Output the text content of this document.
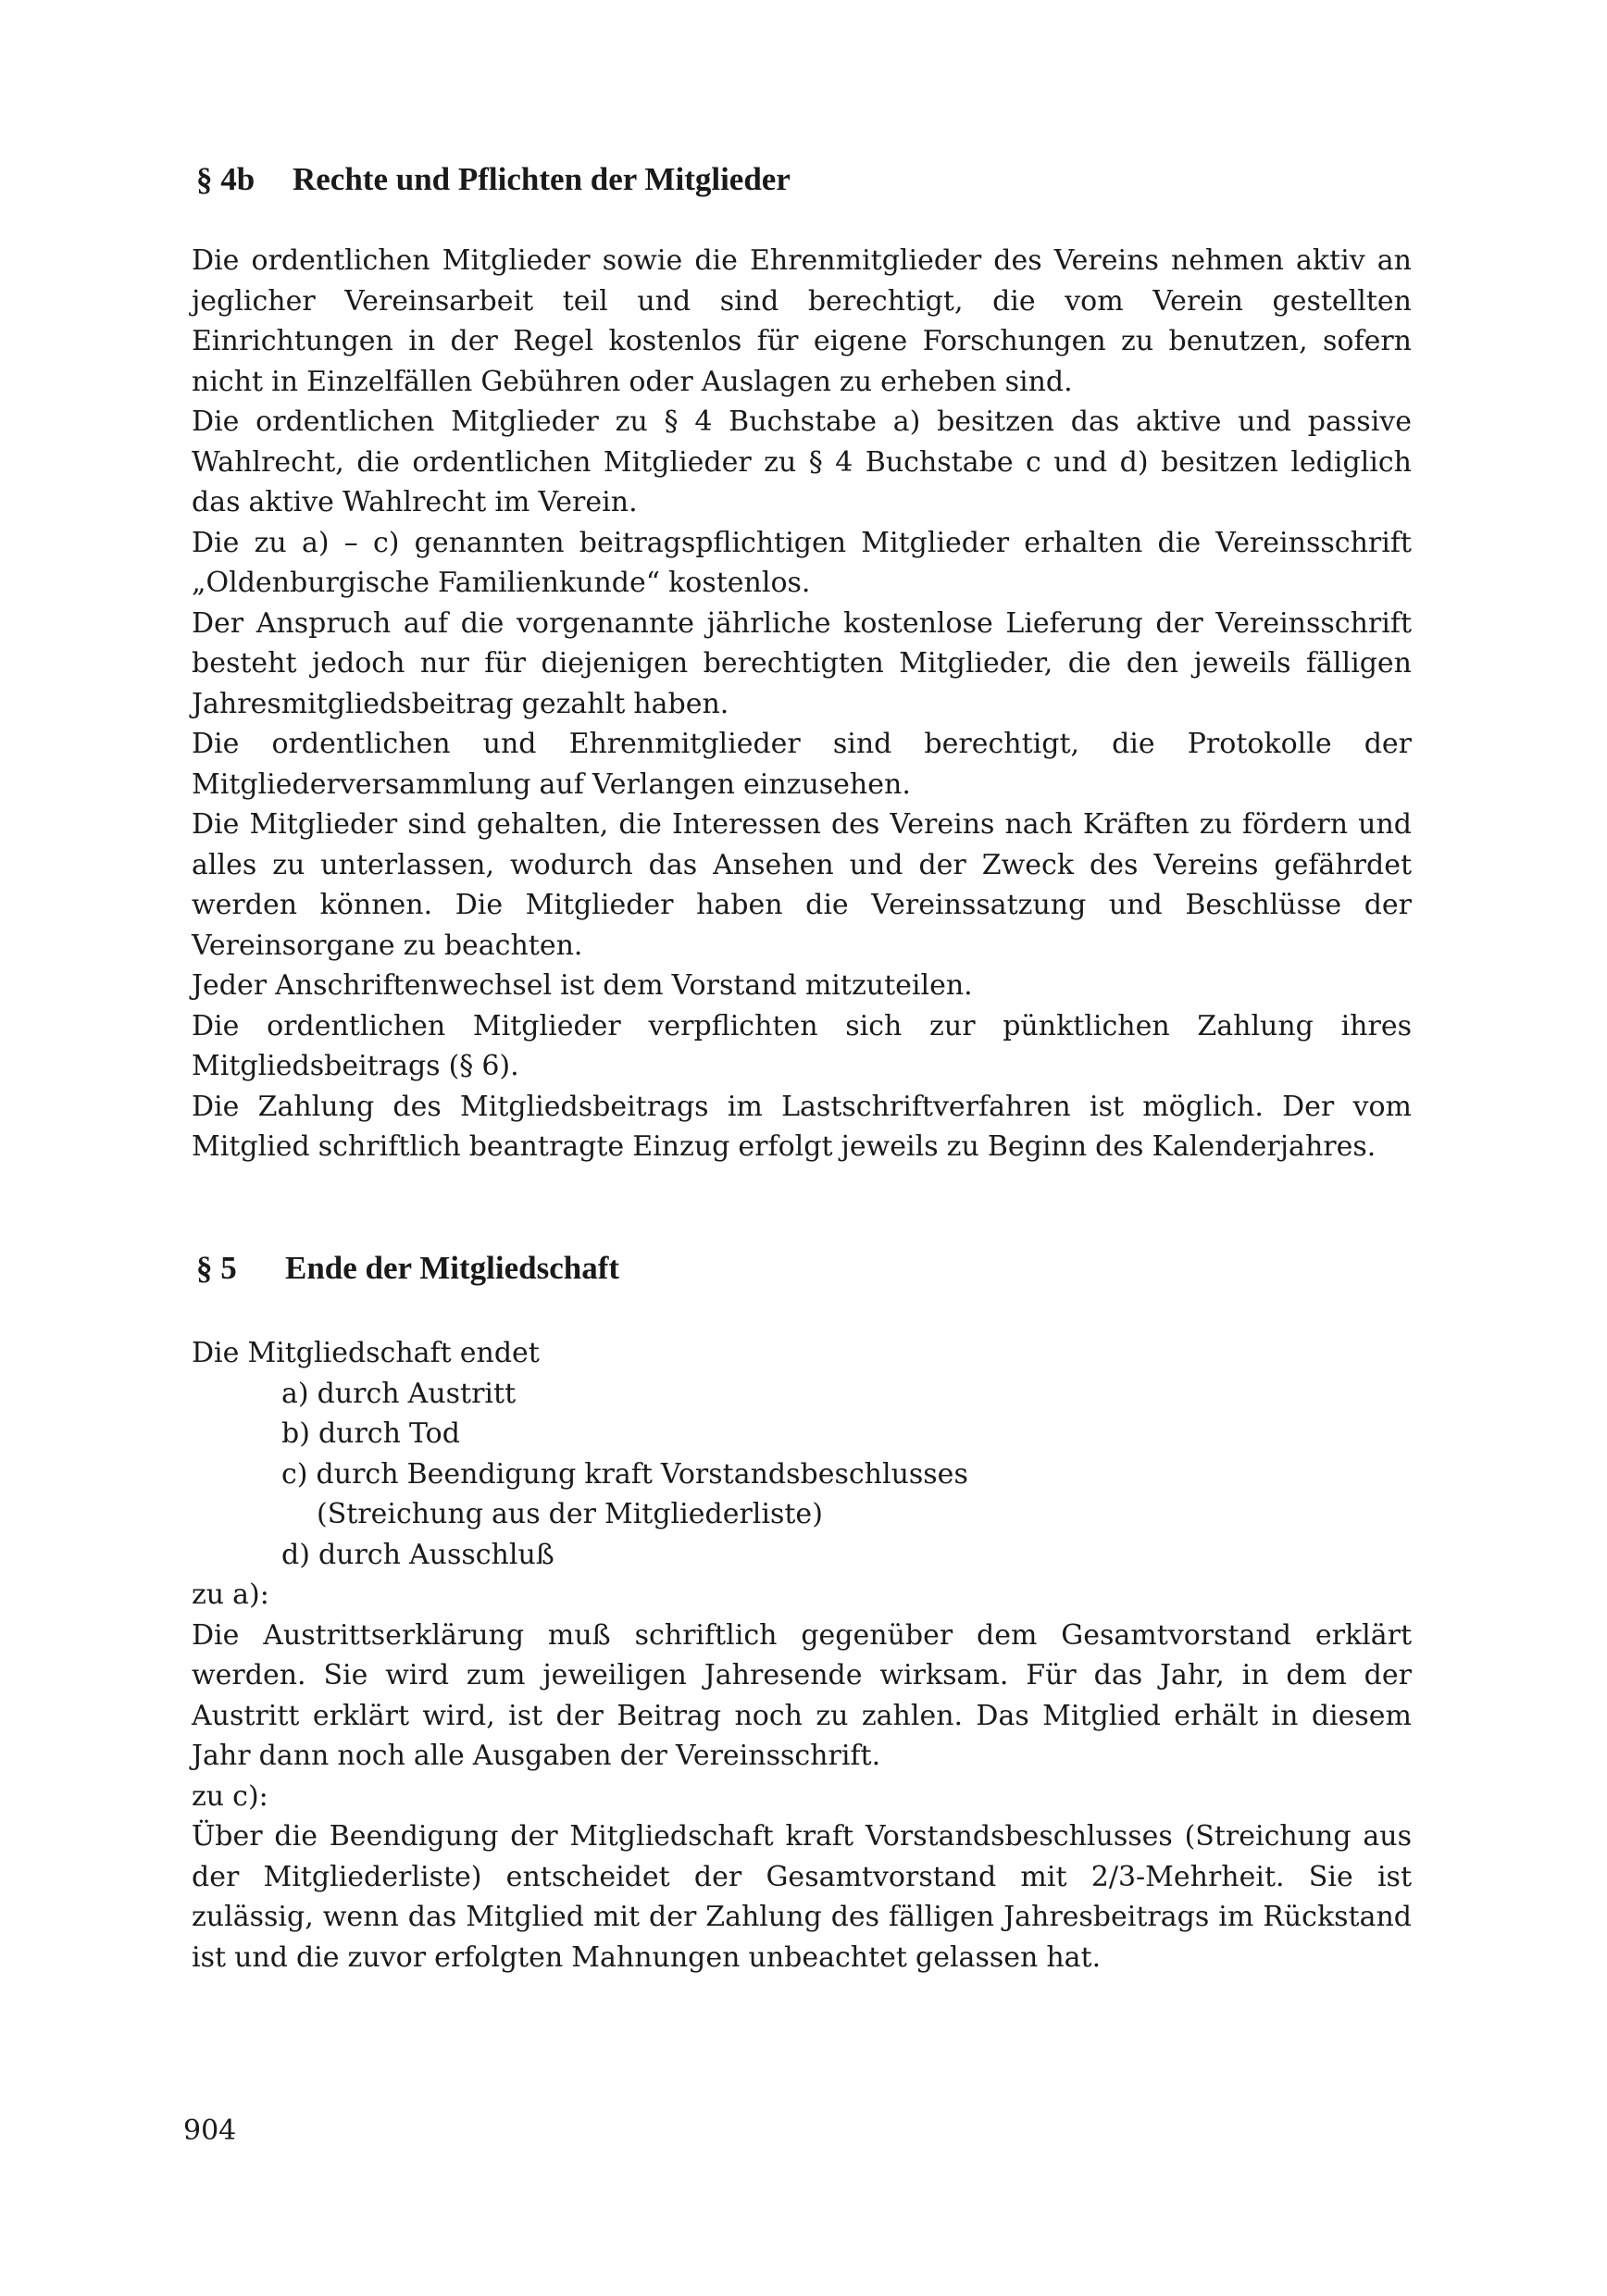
§ 4b Rechte und Pflichten der Mitglieder

Die ordentlichen Mitglieder sowie die Ehrenmitglieder des Vereins nehmen aktiv an jeglicher Vereinsarbeit teil und sind berechtigt, die vom Verein gestellten Einrichtungen in der Regel kostenlos für eigene Forschungen zu benutzen, sofern nicht in Einzelfällen Gebühren oder Auslagen zu erheben sind.

Die ordentlichen Mitglieder zu § 4 Buchstabe a) besitzen das aktive und passive Wahlrecht, die ordentlichen Mitglieder zu § 4 Buchstabe c und d) besitzen lediglich das aktive Wahlrecht im Verein.

Die zu a) – c) genannten beitragspflichtigen Mitglieder erhalten die Vereinsschrift „Oldenburgische Familienkunde“ kostenlos.

Der Anspruch auf die vorgenannte jährliche kostenlose Lieferung der Vereinsschrift besteht jedoch nur für diejenigen berechtigten Mitglieder, die den jeweils fälligen Jahresmitgliedsbeitrag gezahlt haben.

Die ordentlichen und Ehrenmitglieder sind berechtigt, die Protokolle der Mitgliederversammlung auf Verlangen einzusehen.

Die Mitglieder sind gehalten, die Interessen des Vereins nach Kräften zu fördern und alles zu unterlassen, wodurch das Ansehen und der Zweck des Vereins gefährdet werden können. Die Mitglieder haben die Vereinssatzung und Beschlüsse der Vereinsorgane zu beachten.

Jeder Anschriftenwechsel ist dem Vorstand mitzuteilen.

Die ordentlichen Mitglieder verpflichten sich zur pünktlichen Zahlung ihres Mitgliedsbeitrags (§ 6).

Die Zahlung des Mitgliedsbeitrags im Lastschriftverfahren ist möglich. Der vom Mitglied schriftlich beantragte Einzug erfolgt jeweils zu Beginn des Kalenderjahres.

§ 5 Ende der Mitgliedschaft

Die Mitgliedschaft endet

a) durch Austritt
b) durch Tod
c) durch Beendigung kraft Vorstandsbeschlusses
(Streichung aus der Mitgliederliste)
d) durch Ausschluß

zu a):

Die Austrittserklärung muß schriftlich gegenüber dem Gesamtvorstand erklärt werden. Sie wird zum jeweiligen Jahresende wirksam. Für das Jahr, in dem der Austritt erklärt wird, ist der Beitrag noch zu zahlen. Das Mitglied erhält in diesem Jahr dann noch alle Ausgaben der Vereinsschrift.

zu c):

Über die Beendigung der Mitgliedschaft kraft Vorstandsbeschlusses (Streichung aus der Mitgliederliste) entscheidet der Gesamtvorstand mit 2/3-Mehrheit. Sie ist zulässig, wenn das Mitglied mit der Zahlung des fälligen Jahresbeitrags im Rückstand ist und die zuvor erfolgten Mahnungen unbeachtet gelassen hat.

904
